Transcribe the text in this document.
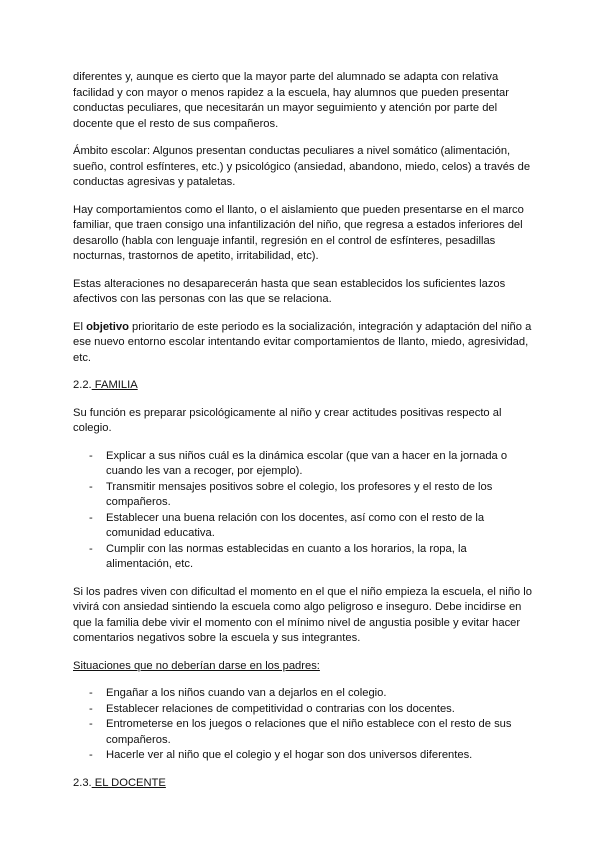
diferentes y, aunque es cierto que la mayor parte del alumnado se adapta con relativa facilidad y con mayor o menos rapidez a la escuela, hay alumnos que pueden presentar conductas peculiares, que necesitarán un mayor seguimiento y atención por parte del docente que el resto de sus compañeros.

Ámbito escolar: Algunos presentan conductas peculiares a nivel somático (alimentación, sueño, control esfínteres, etc.) y psicológico (ansiedad, abandono, miedo, celos) a través de conductas agresivas y pataletas.

Hay comportamientos como el llanto, o el aislamiento que pueden presentarse en el marco familiar, que traen consigo una infantilización del niño, que regresa a estados inferiores del desarollo (habla con lenguaje infantil, regresión en el control de esfínteres, pesadillas nocturnas, trastornos de apetito, irritabilidad, etc).

Estas alteraciones no desaparecerán hasta que sean establecidos los suficientes lazos afectivos con las personas con las que se relaciona.

El objetivo prioritario de este periodo es la socialización, integración y adaptación del niño a ese nuevo entorno escolar intentando evitar comportamientos de llanto, miedo, agresividad, etc.

2.2. FAMILIA

Su función es preparar psicológicamente al niño y crear actitudes positivas respecto al colegio.

- Explicar a sus niños cuál es la dinámica escolar (que van a hacer en la jornada o cuando les van a recoger, por ejemplo).
- Transmitir mensajes positivos sobre el colegio, los profesores y el resto de los compañeros.
- Establecer una buena relación con los docentes, así como con el resto de la comunidad educativa.
- Cumplir con las normas establecidas en cuanto a los horarios, la ropa, la alimentación, etc.

Si los padres viven con dificultad el momento en el que el niño empieza la escuela, el niño lo vivirá con ansiedad sintiendo la escuela como algo peligroso e inseguro. Debe incidirse en que la familia debe vivir el momento con el mínimo nivel de angustia posible y evitar hacer comentarios negativos sobre la escuela y sus integrantes.

Situaciones que no deberían darse en los padres:
- Engañar a los niños cuando van a dejarlos en el colegio.
- Establecer relaciones de competitividad o contrarias con los docentes.
- Entrometerse en los juegos o relaciones que el niño establece con el resto de sus compañeros.
- Hacerle ver al niño que el colegio y el hogar son dos universos diferentes.
2.3. EL DOCENTE
